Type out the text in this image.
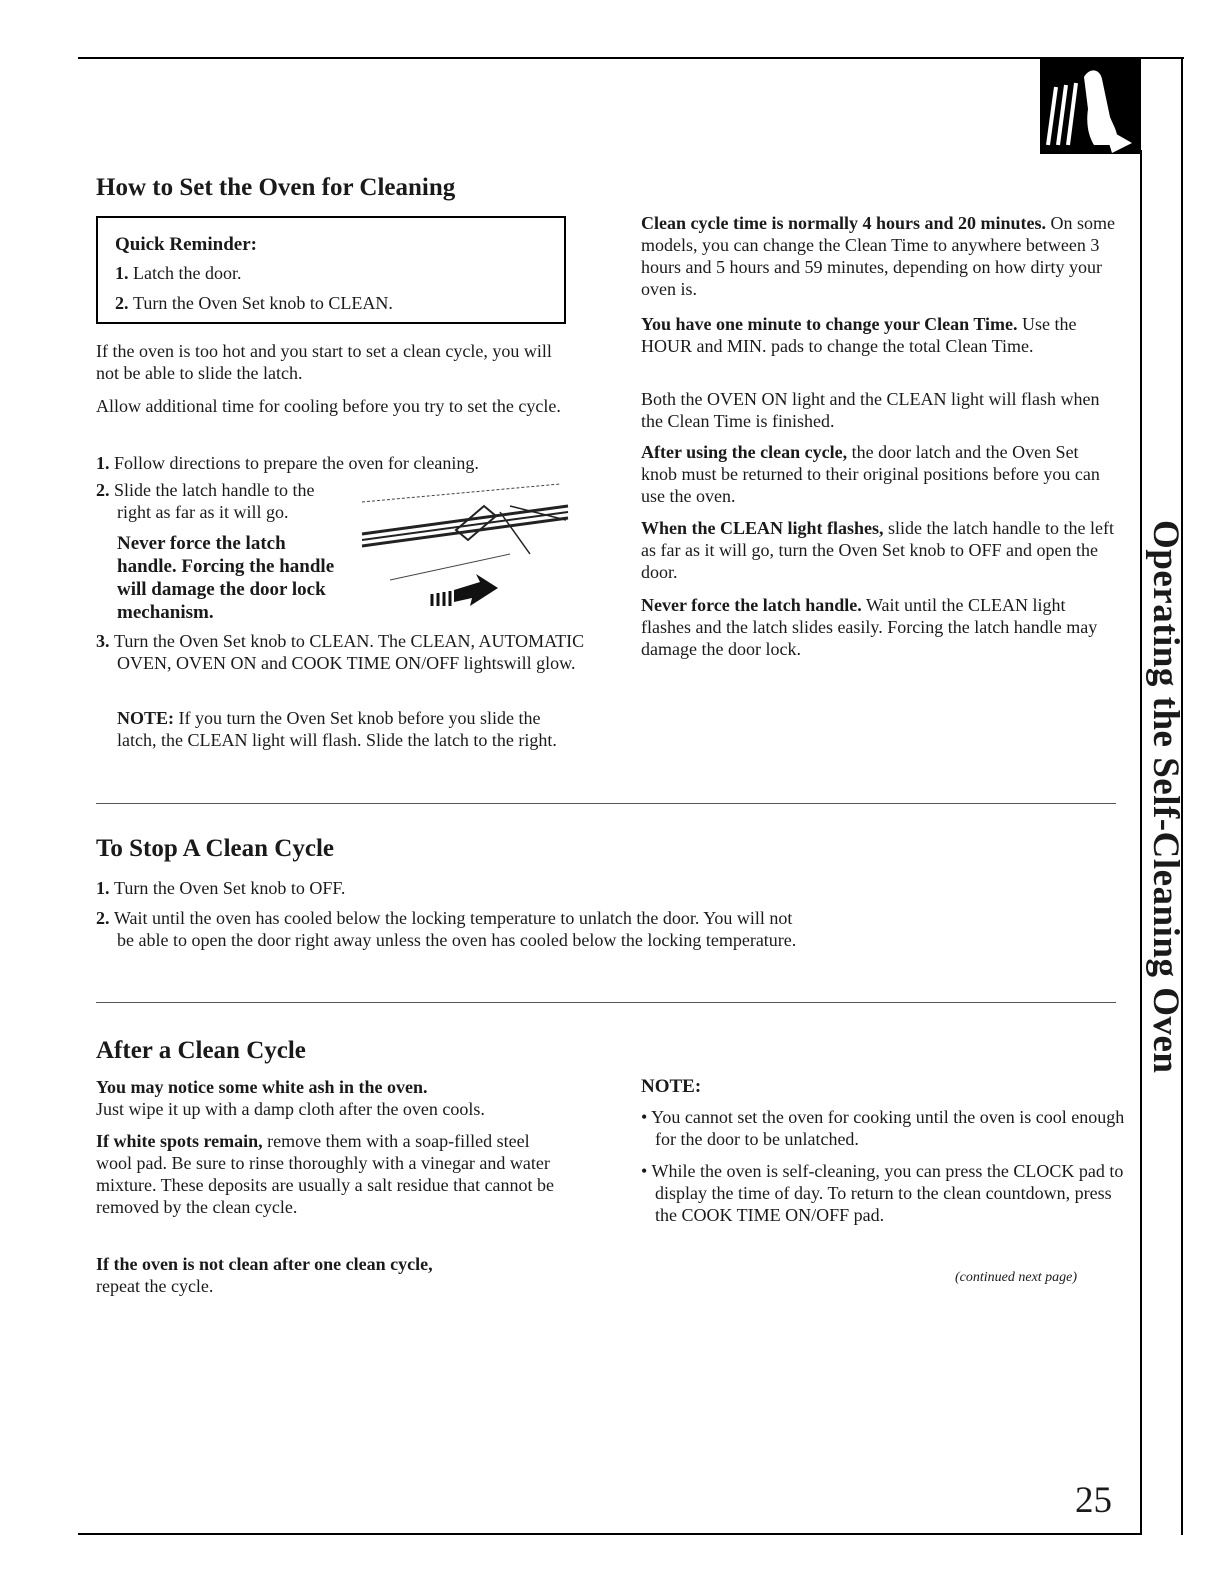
Operating the Self-Cleaning Oven
How to Set the Oven for Cleaning
Quick Reminder:
1. Latch the door.
2. Turn the Oven Set knob to CLEAN.

If the oven is too hot and you start to set a clean cycle, you will not be able to slide the latch.

Allow additional time for cooling before you try to set the cycle.

1. Follow directions to prepare the oven for cleaning.
2. Slide the latch handle to the
right as far as it will go.
Never force the latch
handle. Forcing the handle
will damage the door lock
mechanism.
3. Turn the Oven Set knob to CLEAN. The CLEAN, AUTOMATIC OVEN, OVEN ON and COOK TIME ON/OFF lightswill glow.
NOTE: If you turn the Oven Set knob before you slide the latch, the CLEAN light will flash. Slide the latch to the right.
Clean cycle time is normally 4 hours and 20 minutes. On some models, you can change the Clean Time to anywhere between 3 hours and 5 hours and 59 minutes, depending on how dirty your oven is.
You have one minute to change your Clean Time. Use the HOUR and MIN. pads to change the total Clean Time.
Both the OVEN ON light and the CLEAN light will flash when the Clean Time is finished.
After using the clean cycle, the door latch and the Oven Set knob must be returned to their original positions before you can use the oven.
When the CLEAN light flashes, slide the latch handle to the left as far as it will go, turn the Oven Set knob to OFF and open the door.
Never force the latch handle. Wait until the CLEAN light flashes and the latch slides easily. Forcing the latch handle may damage the door lock.
To Stop A Clean Cycle
1. Turn the Oven Set knob to OFF.
2. Wait until the oven has cooled below the locking temperature to unlatch the door. You will not be able to open the door right away unless the oven has cooled below the locking temperature.
After a Clean Cycle
You may notice some white ash in the oven.
Just wipe it up with a damp cloth after the oven cools.
If white spots remain, remove them with a soap-filled steel wool pad. Be sure to rinse thoroughly with a vinegar and water mixture. These deposits are usually a salt residue that cannot be removed by the clean cycle.
If the oven is not clean after one clean cycle,
repeat the cycle.
NOTE:
• You cannot set the oven for cooking until the oven is cool enough for the door to be unlatched.
• While the oven is self-cleaning, you can press the CLOCK pad to display the time of day. To return to the clean countdown, press the COOK TIME ON/OFF pad.
(continued next page)
25
